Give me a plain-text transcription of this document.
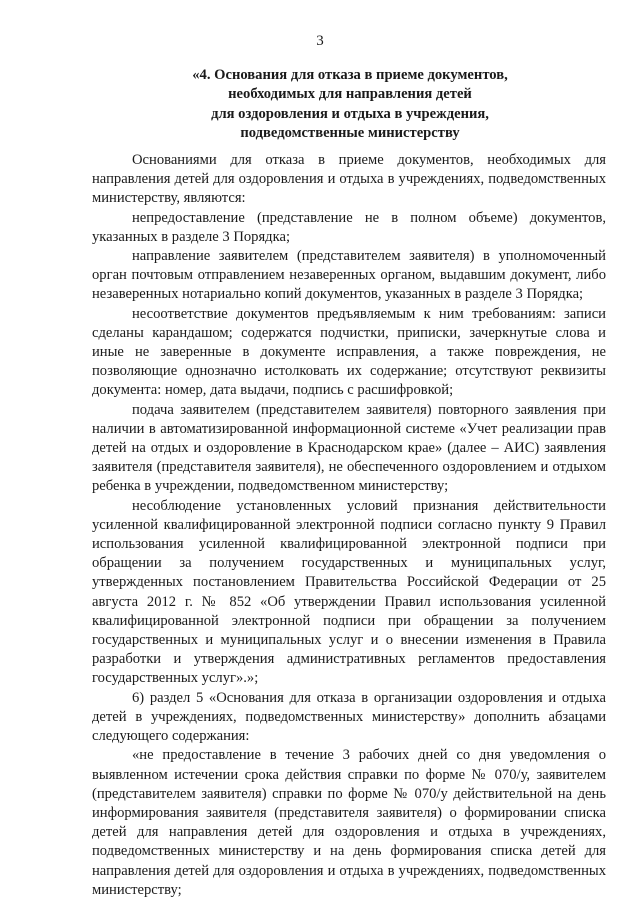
3
«4. Основания для отказа в приеме документов,
необходимых для направления детей
для оздоровления и отдыха в учреждения,
подведомственные министерству

Основаниями для отказа в приеме документов, необходимых для направления детей для оздоровления и отдыха в учреждениях, подведомственных министерству, являются:

непредоставление (представление не в полном объеме) документов, указанных в разделе 3 Порядка;

направление заявителем (представителем заявителя) в уполномоченный орган почтовым отправлением незаверенных органом, выдавшим документ, либо незаверенных нотариально копий документов, указанных в разделе 3 Порядка;

несоответствие документов предъявляемым к ним требованиям: записи сделаны карандашом; содержатся подчистки, приписки, зачеркнутые слова и иные не заверенные в документе исправления, а также повреждения, не позволяющие однозначно истолковать их содержание; отсутствуют реквизиты документа: номер, дата выдачи, подпись с расшифровкой;

подача заявителем (представителем заявителя) повторного заявления при наличии в автоматизированной информационной системе «Учет реализации прав детей на отдых и оздоровление в Краснодарском крае» (далее – АИС) заявления заявителя (представителя заявителя), не обеспеченного оздоровлением и отдыхом ребенка в учреждении, подведомственном министерству;

несоблюдение установленных условий признания действительности усиленной квалифицированной электронной подписи согласно пункту 9 Правил использования усиленной квалифицированной электронной подписи при обращении за получением государственных и муниципальных услуг, утвержденных постановлением Правительства Российской Федерации от 25 августа 2012 г. № 852 «Об утверждении Правил использования усиленной квалифицированной электронной подписи при обращении за получением государственных и муниципальных услуг и о внесении изменения в Правила разработки и утверждения административных регламентов предоставления государственных услуг».»;

6) раздел 5 «Основания для отказа в организации оздоровления и отдыха детей в учреждениях, подведомственных министерству» дополнить абзацами следующего содержания:

«не предоставление в течение 3 рабочих дней со дня уведомления о выявленном истечении срока действия справки по форме № 070/у, заявителем (представителем заявителя) справки по форме № 070/у действительной на день информирования заявителя (представителя заявителя) о формировании списка детей для направления детей для оздоровления и отдыха в учреждениях, подведомственных министерству и на день формирования списка детей для направления детей для оздоровления и отдыха в учреждениях, подведомственных министерству;
